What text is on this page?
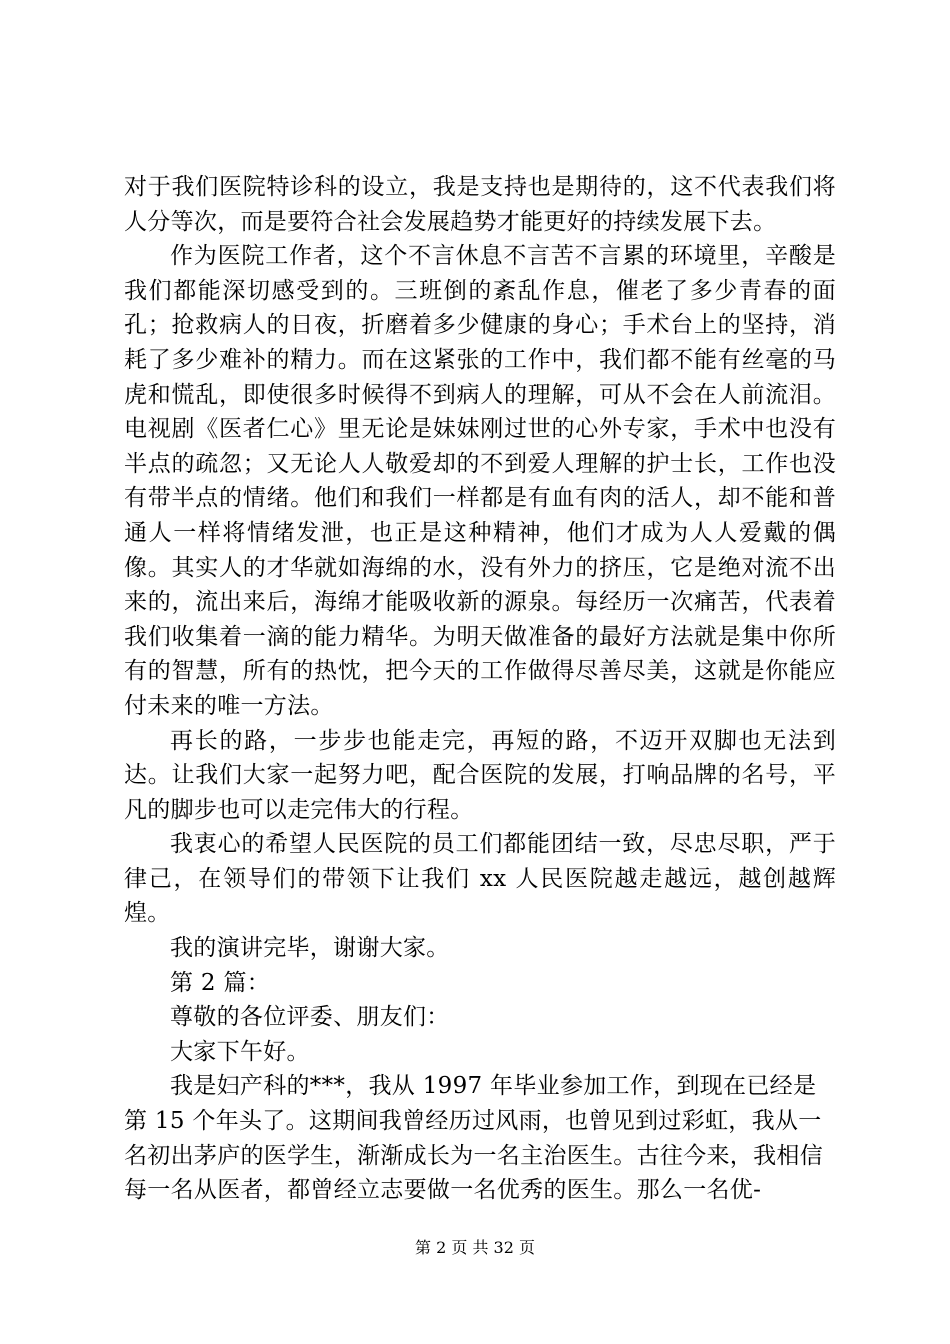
对于我们医院特诊科的设立，我是支持也是期待的，这不代表我们将人分等次，而是要符合社会发展趋势才能更好的持续发展下去。

作为医院工作者，这个不言休息不言苦不言累的环境里，辛酸是我们都能深切感受到的。三班倒的紊乱作息，催老了多少青春的面孔；抢救病人的日夜，折磨着多少健康的身心；手术台上的坚持，消耗了多少难补的精力。而在这紧张的工作中，我们都不能有丝毫的马虎和慌乱，即使很多时候得不到病人的理解，可从不会在人前流泪。电视剧《医者仁心》里无论是妹妹刚过世的心外专家，手术中也没有半点的疏忽；又无论人人敬爱却的不到爱人理解的护士长，工作也没有带半点的情绪。他们和我们一样都是有血有肉的活人，却不能和普通人一样将情绪发泄，也正是这种精神，他们才成为人人爱戴的偶像。其实人的才华就如海绵的水，没有外力的挤压，它是绝对流不出来的，流出来后，海绵才能吸收新的源泉。每经历一次痛苦，代表着我们收集着一滴的能力精华。为明天做准备的最好方法就是集中你所有的智慧，所有的热忱，把今天的工作做得尽善尽美，这就是你能应付未来的唯一方法。

再长的路，一步步也能走完，再短的路，不迈开双脚也无法到达。让我们大家一起努力吧，配合医院的发展，打响品牌的名号，平凡的脚步也可以走完伟大的行程。

我衷心的希望人民医院的员工们都能团结一致，尽忠尽职，严于律己，在领导们的带领下让我们 xx 人民医院越走越远，越创越辉煌。

我的演讲完毕，谢谢大家。

第 2 篇：

尊敬的各位评委、朋友们：

大家下午好。

我是妇产科的***，我从 1997 年毕业参加工作，到现在已经是第 15 个年头了。这期间我曾经历过风雨，也曾见到过彩虹，我从一名初出茅庐的医学生，渐渐成长为一名主治医生。古往今来，我相信每一名从医者，都曾经立志要做一名优秀的医生。那么一名优-

第 2 页 共 32 页
